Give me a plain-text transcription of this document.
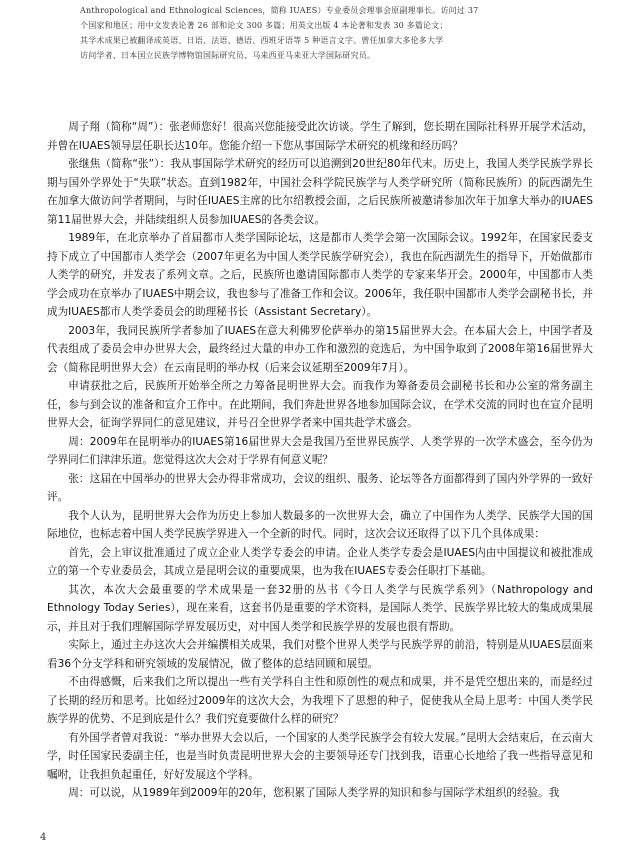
Anthropological and Ethnological Sciences，简称 IUAES）专业委员会理事会原副理事长。访问过 37

个国家和地区；用中文发表论著 26 部和论文 300 多篇；用英文出版 4 本论著和发表 30 多篇论文；

其学术成果已被翻译成英语、日语、法语、德语、西班牙语等 5 种语言文字。曾任加拿大多伦多大学

访问学者、日本国立民族学博物馆国际研究员、马来西亚马来亚大学国际研究员。

周子翔（简称“周”）：张老师您好！很高兴您能接受此次访谈。学生了解到，您长期在国际社科界开展学术活动，并曾在IUAES领导层任职长达10年。您能介绍一下您从事国际学术研究的机缘和经历吗？

张继焦（简称“张”）：我从事国际学术研究的经历可以追溯到20世纪80年代末。历史上，我国人类学民族学界长期与国外学界处于“失联”状态。直到1982年，中国社会科学院民族学与人类学研究所（简称民族所）的阮西湖先生在加拿大做访问学者期间，与时任IUAES主席的比尔绍教授会面，之后民族所被邀请参加次年于加拿大举办的IUAES第11届世界大会，并陆续组织人员参加IUAES的各类会议。

1989年，在北京举办了首届都市人类学国际论坛，这是都市人类学会第一次国际会议。1992年，在国家民委支持下成立了中国都市人类学会（2007年更名为中国人类学民族学研究会），我也在阮西湖先生的指导下，开始做都市人类学的研究，并发表了系列文章。之后，民族所也邀请国际都市人类学的专家来华开会。2000年，中国都市人类学会成功在京举办了IUAES中期会议，我也参与了准备工作和会议。2006年，我任职中国都市人类学会副秘书长，并成为IUAES都市人类学委员会的助理秘书长（Assistant Secretary）。

2003年，我同民族所学者参加了IUAES在意大利佛罗伦萨举办的第15届世界大会。在本届大会上，中国学者及代表组成了委员会申办世界大会，最终经过大量的申办工作和激烈的竞选后，为中国争取到了2008年第16届世界大会（简称昆明世界大会）在云南昆明的举办权（后来会议延期至2009年7月）。

申请获批之后，民族所开始举全所之力筹备昆明世界大会。而我作为筹备委员会副秘书长和办公室的常务副主任，参与到会议的准备和宣介工作中。在此期间，我们奔赴世界各地参加国际会议，在学术交流的同时也在宣介昆明世界大会，征询学界同仁的意见建议，并号召全世界学者来中国共赴学术盛会。

周：2009年在昆明举办的IUAES第16届世界大会是我国乃至世界民族学、人类学界的一次学术盛会，至今仍为学界同仁们津津乐道。您觉得这次大会对于学界有何意义呢？

张：这届在中国举办的世界大会办得非常成功，会议的组织、服务、论坛等各方面都得到了国内外学界的一致好评。

我个人认为，昆明世界大会作为历史上参加人数最多的一次世界大会，确立了中国作为人类学、民族学大国的国际地位，也标志着中国人类学民族学界进入一个全新的时代。同时，这次会议还取得了以下几个具体成果：

首先，会上审议批准通过了成立企业人类学专委会的申请。企业人类学专委会是IUAES内由中国提议和被批准成立的第一个专业委员会，其成立是昆明会议的重要成果，也为我在IUAES专委会任职打下基础。

其次，本次大会最重要的学术成果是一套32册的丛书《今日人类学与民族学系列》（Nathropology and Ethnology Today Series），现在来看，这套书仍是重要的学术资料，是国际人类学、民族学界比较大的集成成果展示，并且对于我们理解国际学界发展历史，对中国人类学和民族学界的发展也很有帮助。

实际上，通过主办这次大会并编撰相关成果，我们对整个世界人类学与民族学界的前沿，特别是从IUAES层面来看36个分支学科和研究领域的发展情况，做了整体的总结回顾和展望。

不由得感慨，后来我们之所以提出一些有关学科自主性和原创性的观点和成果，并不是凭空想出来的，而是经过了长期的经历和思考。比如经过2009年的这次大会，为我埋下了思想的种子，促使我从全局上思考：中国人类学民族学界的优势、不足到底是什么？我们究竟要做什么样的研究？

有外国学者曾对我说：“举办世界大会以后，一个国家的人类学民族学会有较大发展。”昆明大会结束后，在云南大学，时任国家民委副主任，也是当时负责昆明世界大会的主要领导还专门找到我，语重心长地给了我一些指导意见和嘱咐，让我担负起重任，好好发展这个学科。

周：可以说，从1989年到2009年的20年，您积累了国际人类学界的知识和参与国际学术组织的经验。我

4
